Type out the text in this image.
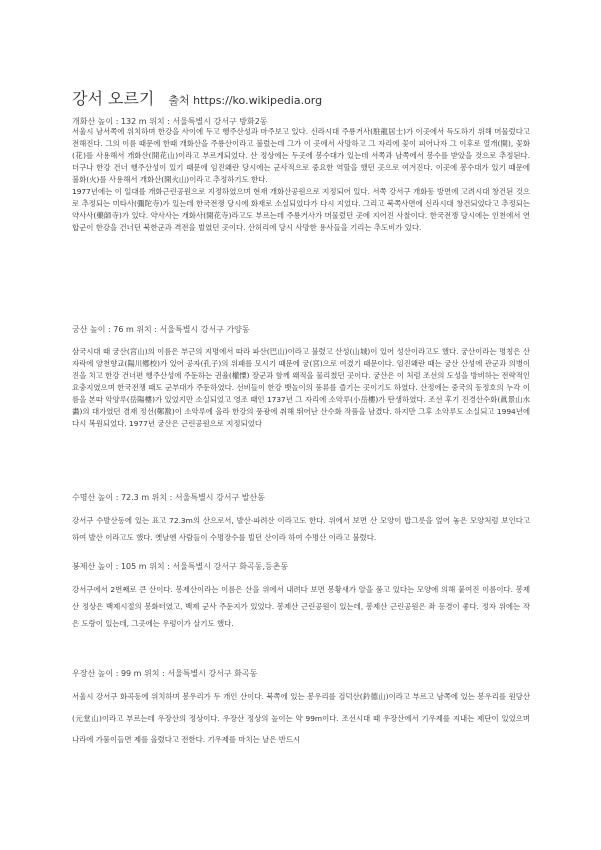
강서 오르기 출처 https://ko.wikipedia.org
개화산 높이 : 132 m 위치 : 서울특별시 강서구 방화2동
서울시 남서쪽에 위치하며 한강을 사이에 두고 행주산성과 마주보고 있다. 신라시대 주룡거사(駐龍居士)가 이곳에서 득도하기 위해 머물렀다고 전해진다. 그의 이름 때문에 한때 개화산을 주룡산이라고 불렀는데 그가 이 곳에서 사망하고 그 자리에 꽃이 피어나자 그 이후로 열개(開), 꽃화(花)를 사용해서 개화산(開花山)이라고 부르게되었다. 산 정상에는 두곳에 봉수대가 있는데 서쪽과 남쪽에서 봉수를 받았을 것으로 추정된다. 더구나 한강 건너 행주산성이 있기 때문에 임진왜란 당시에는 군사적으로 중요한 역할을 했던 곳으로 여겨진다. 이곳에 봉수대가 있기 때문에 불화(火)를 사용해서 개화산(開火山)이라고 추정하기도 한다.
1977년에는 이 일대를 개화근린공원으로 지정하였으며 현재 개화산공원으로 지정되어 있다. 서쪽 강서구 개화동 방면에 고려시대 창건된 것으로 추정되는 미타사(彌陀寺)가 있는데 한국전쟁 당시에 화재로 소실되었다가 다시 지었다. 그리고 북쪽사면에 신라시대 창건되었다고 추정되는 약사사(藥師寺)가 있다. 약사사는 개화사(開花寺)라고도 부르는데 주룡거사가 머물렀던 곳에 지어진 사찰이다. 한국전쟁 당시에는 인천에서 연합군이 한강을 건너던 북한군과 격전을 벌였던 곳이다. 산허리에 당시 사망한 용사들을 기리는 추도비가 있다.
궁산 높이 : 76 m 위치 : 서울특별시 강서구 가양동
삼국시대 때 궁산(宮山)의 이름은 부근의 지명에서 따라 파산(巴山)이라고 불렸고 산성(山城)이 있어 성산이라고도 했다. 궁산이라는 명칭은 산자락에 양천향교(陽川鄕校)가 있어 공자(孔子)의 위패를 모시기 때문에 궁(宮)으로 여겼기 때문이다. 임진왜란 때는 궁산 산성에 관군과 의병이 진을 치고 한강 건너편 행주산성에 주둔하는 권율(權慄) 장군과 함께 왜적을 물리쳤던 곳이다. 궁산은 이 처럼 조선의 도성을 방비하는 전략적인 요충지였으며 한국전쟁 때도 군부대가 주둔하였다. 선비들이 한강 뱃놀이의 풍류를 즐기는 곳이기도 하였다. 산정에는 중국의 동정호의 누각 이름을 본따 악양루(岳陽樓)가 있었지만 소실되었고 영조 때인 1737년 그 자리에 소악루(小岳樓)가 탄생하였다. 조선 후기 진경산수화(眞景山水畵)의 대가였던 겸재 정선(鄭敾)이 소악루에 올라 한강의 풍광에 취해 뛰어난 산수화 작품을 남겼다. 하지만 그후 소악루도 소실되고 1994년에 다시 복원되었다. 1977년 궁산은 근린공원으로 지정되었다
수명산 높이 : 72.3 m 위치 : 서울특별시 강서구 발산동
강서구 수발산동에 있는 표고 72.3m의 산으로서, 발산·파려산 이라고도 한다. 위에서 보면 산 모양이 밥그릇을 엎어 놓은 모양처럼 보인다고 하여 발산 이라고도 했다. 옛날엔 사람들이 수명장수를 빌던 산이라 하여 수명산 이라고 불렸다.
봉제산 높이 : 105 m 위치 : 서울특별시 강서구 화곡동,등촌동
강서구에서 2번째로 큰 산이다. 봉제산이라는 이름은 산을 위에서 내려다 보면 봉황새가 알을 품고 있다는 모양에 의해 붙여진 이름이다. 봉제산 정상은 백제시절의 봉화터였고, 백제 군사 주둔지가 있었다. 봉제산 근린공원이 있는데, 봉제산 근린공원은 좌 등경이 좋다. 정자 위에는 작은 도랑이 있는데, 그곳에는 우렁이가 살기도 했다.
우장산 높이 : 99 m 위치 : 서울특별시 강서구 화곡동
서울시 강서구 화곡동에 위치하며 봉우리가 두 개인 산이다. 북쪽에 있는 봉우리를 검덕산(鈐德山)이라고 부르고 남쪽에 있는 봉우리를 원당산(元堂山)이라고 부르는데 우장산의 정상이다. 우장산 정상의 높이는 약 99m이다. 조선시대 때 우장산에서 기우제를 지내는 제단이 있었으며 나라에 가뭄이들면 제를 올렸다고 전한다. 기우제를 마치는 날은 반드시
